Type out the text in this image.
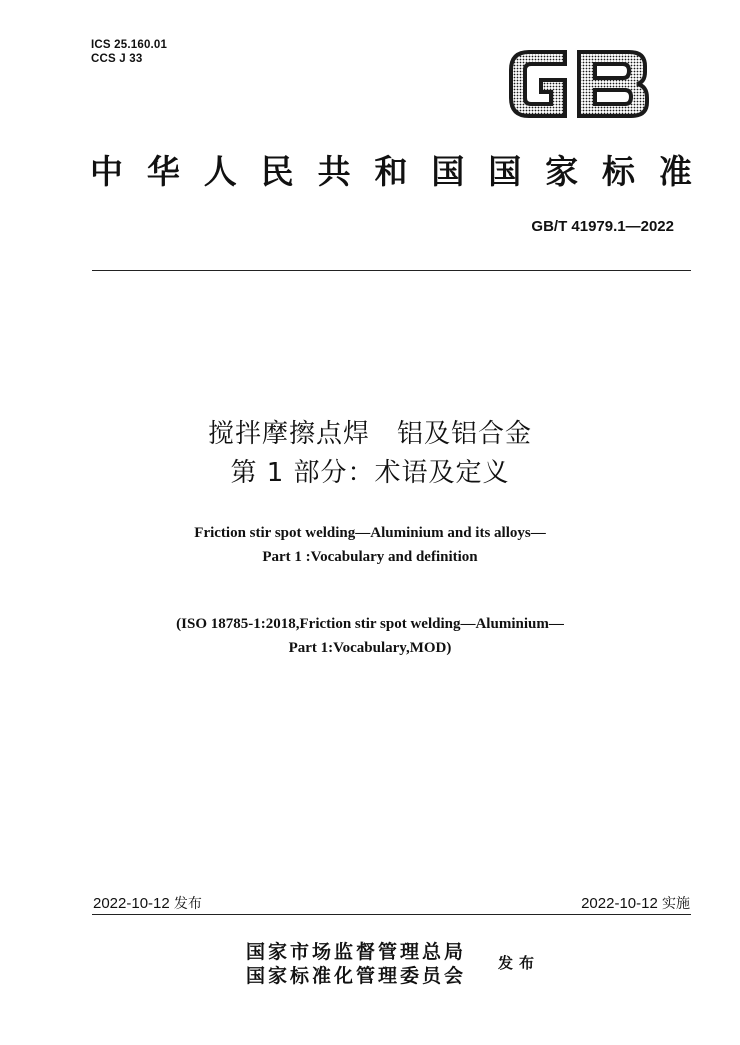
ICS 25.160.01
CCS J 33
中 华 人 民 共 和 国 国 家 标 准
GB/T 41979.1—2022
搅拌摩擦点焊　铝及铝合金
第 1 部分：术语及定义
Friction stir spot welding—Aluminium and its alloys—
Part 1 :Vocabulary and definition
(ISO 18785-1:2018,Friction stir spot welding—Aluminium—
Part 1:Vocabulary,MOD)
2022-10-12 发布	2022-10-12 实施
国家市场监督管理总局
国家标准化管理委员会
发布
